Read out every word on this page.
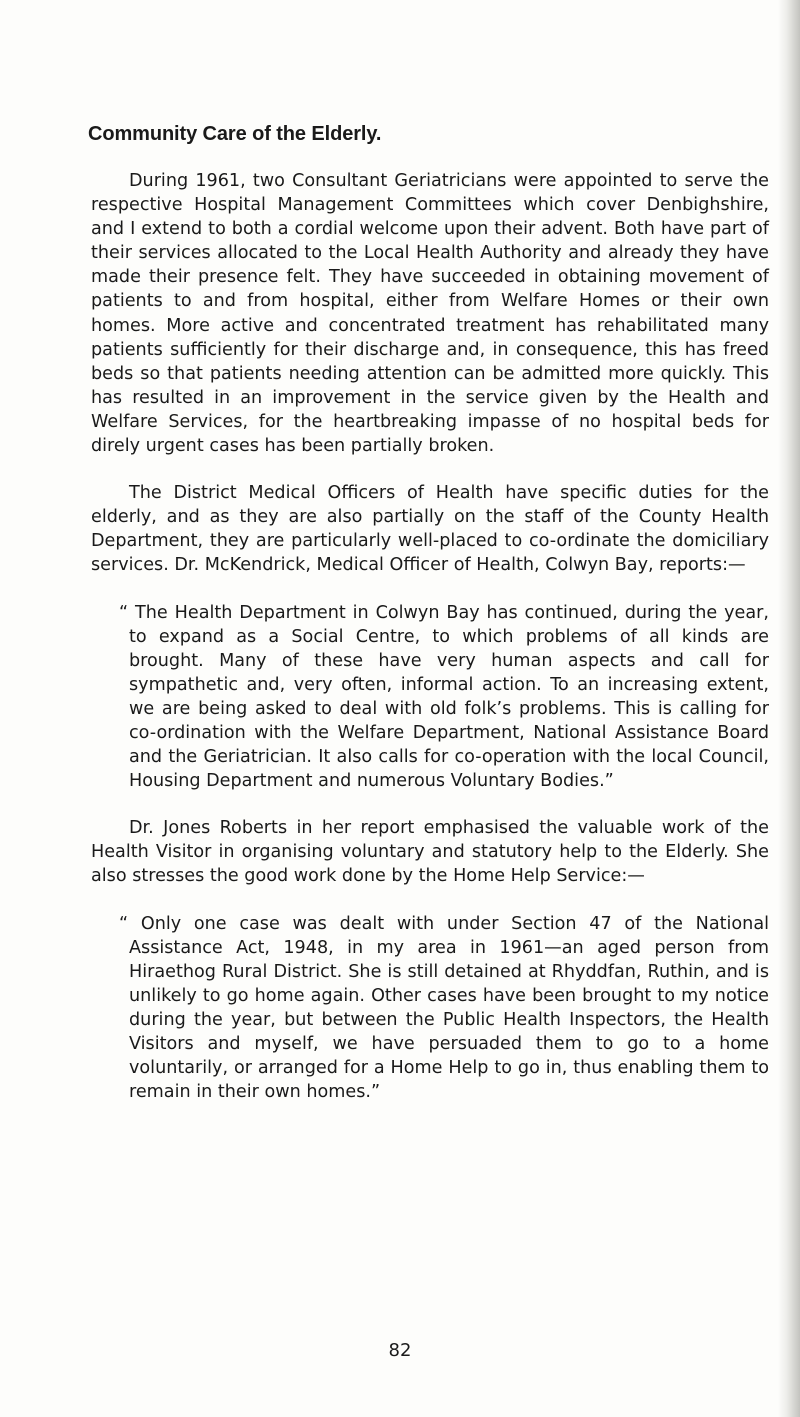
Community Care of the Elderly.

During 1961, two Consultant Geriatricians were appointed to serve the respective Hospital Management Committees which cover Denbighshire, and I extend to both a cordial welcome upon their advent. Both have part of their services allocated to the Local Health Authority and already they have made their presence felt. They have succeeded in obtaining movement of patients to and from hospital, either from Welfare Homes or their own homes. More active and concentrated treatment has rehabilitated many patients sufficiently for their discharge and, in consequence, this has freed beds so that patients needing attention can be admitted more quickly. This has resulted in an improvement in the service given by the Health and Welfare Services, for the heartbreaking impasse of no hospital beds for direly urgent cases has been partially broken.

The District Medical Officers of Health have specific duties for the elderly, and as they are also partially on the staff of the County Health Department, they are particularly well-placed to co-ordinate the domiciliary services. Dr. McKendrick, Medical Officer of Health, Colwyn Bay, reports:—

“ The Health Department in Colwyn Bay has continued, during the year, to expand as a Social Centre, to which problems of all kinds are brought. Many of these have very human aspects and call for sympathetic and, very often, informal action. To an increasing extent, we are being asked to deal with old folk’s problems. This is calling for co-ordination with the Welfare Department, National Assistance Board and the Geriatrician. It also calls for co-operation with the local Council, Housing Department and numerous Voluntary Bodies.”

Dr. Jones Roberts in her report emphasised the valuable work of the Health Visitor in organising voluntary and statutory help to the Elderly. She also stresses the good work done by the Home Help Service:—

“ Only one case was dealt with under Section 47 of the National Assistance Act, 1948, in my area in 1961—an aged person from Hiraethog Rural District. She is still detained at Rhyddfan, Ruthin, and is unlikely to go home again. Other cases have been brought to my notice during the year, but between the Public Health Inspectors, the Health Visitors and myself, we have persuaded them to go to a home voluntarily, or arranged for a Home Help to go in, thus enabling them to remain in their own homes.”

82
